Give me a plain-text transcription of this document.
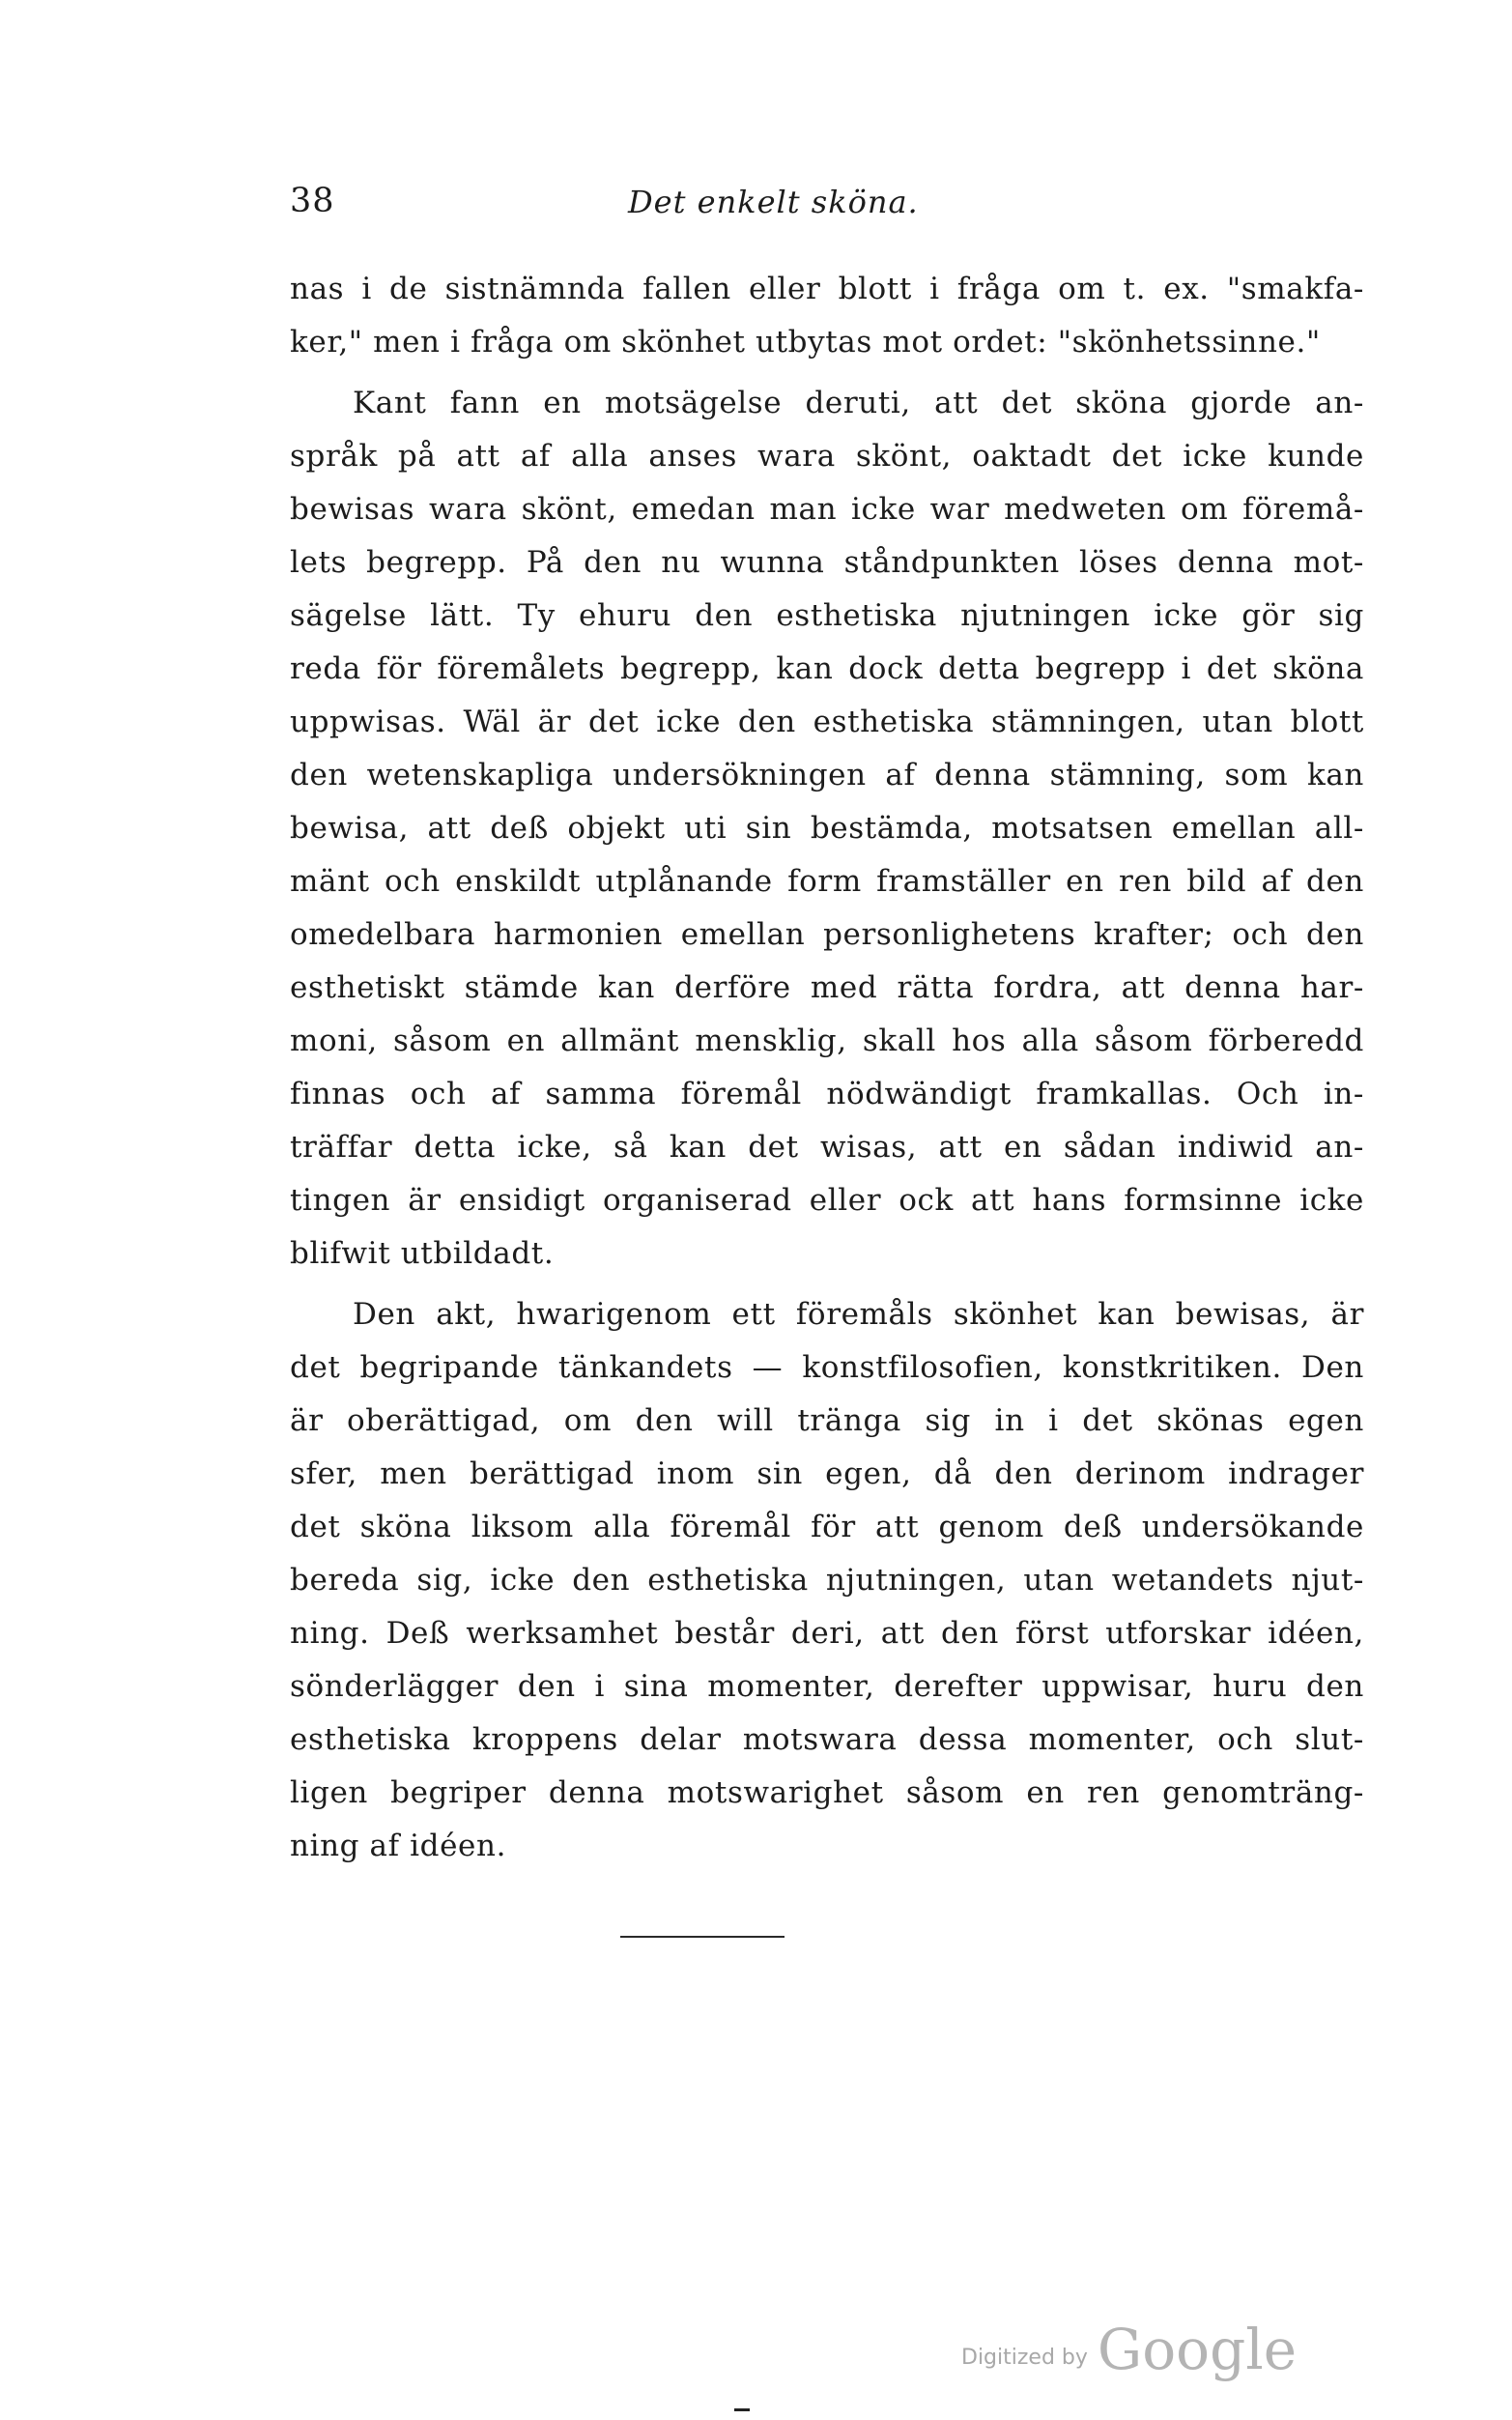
38	Det enkelt sköna.
nas i de sistnämnda fallen eller blott i fråga om t. ex. "smakfa-
ker," men i fråga om skönhet utbytas mot ordet: "skönhetssinne."
Kant fann en motsägelse deruti, att det sköna gjorde an-
språk på att af alla anses wara skönt, oaktadt det icke kunde
bewisas wara skönt, emedan man icke war medweten om föremå-
lets begrepp. På den nu wunna ståndpunkten löses denna mot-
sägelse lätt. Ty ehuru den esthetiska njutningen icke gör sig
reda för föremålets begrepp, kan dock detta begrepp i det sköna
uppwisas. Wäl är det icke den esthetiska stämningen, utan blott
den wetenskapliga undersökningen af denna stämning, som kan
bewisa, att deß objekt uti sin bestämda, motsatsen emellan all-
mänt och enskildt utplånande form framställer en ren bild af den
omedelbara harmonien emellan personlighetens krafter; och den
esthetiskt stämde kan derföre med rätta fordra, att denna har-
moni, såsom en allmänt mensklig, skall hos alla såsom förberedd
finnas och af samma föremål nödwändigt framkallas. Och in-
träffar detta icke, så kan det wisas, att en sådan indiwid an-
tingen är ensidigt organiserad eller ock att hans formsinne icke
blifwit utbildadt.
Den akt, hwarigenom ett föremåls skönhet kan bewisas, är
det begripande tänkandets — konstfilosofien, konstkritiken. Den
är oberättigad, om den will tränga sig in i det skönas egen
sfer, men berättigad inom sin egen, då den derinom indrager
det sköna liksom alla föremål för att genom deß undersökande
bereda sig, icke den esthetiska njutningen, utan wetandets njut-
ning. Deß werksamhet består deri, att den först utforskar idéen,
sönderlägger den i sina momenter, derefter uppwisar, huru den
esthetiska kroppens delar motswara dessa momenter, och slut-
ligen begriper denna motswarighet såsom en ren genomträng-
ning af idéen.
Digitized by Google
